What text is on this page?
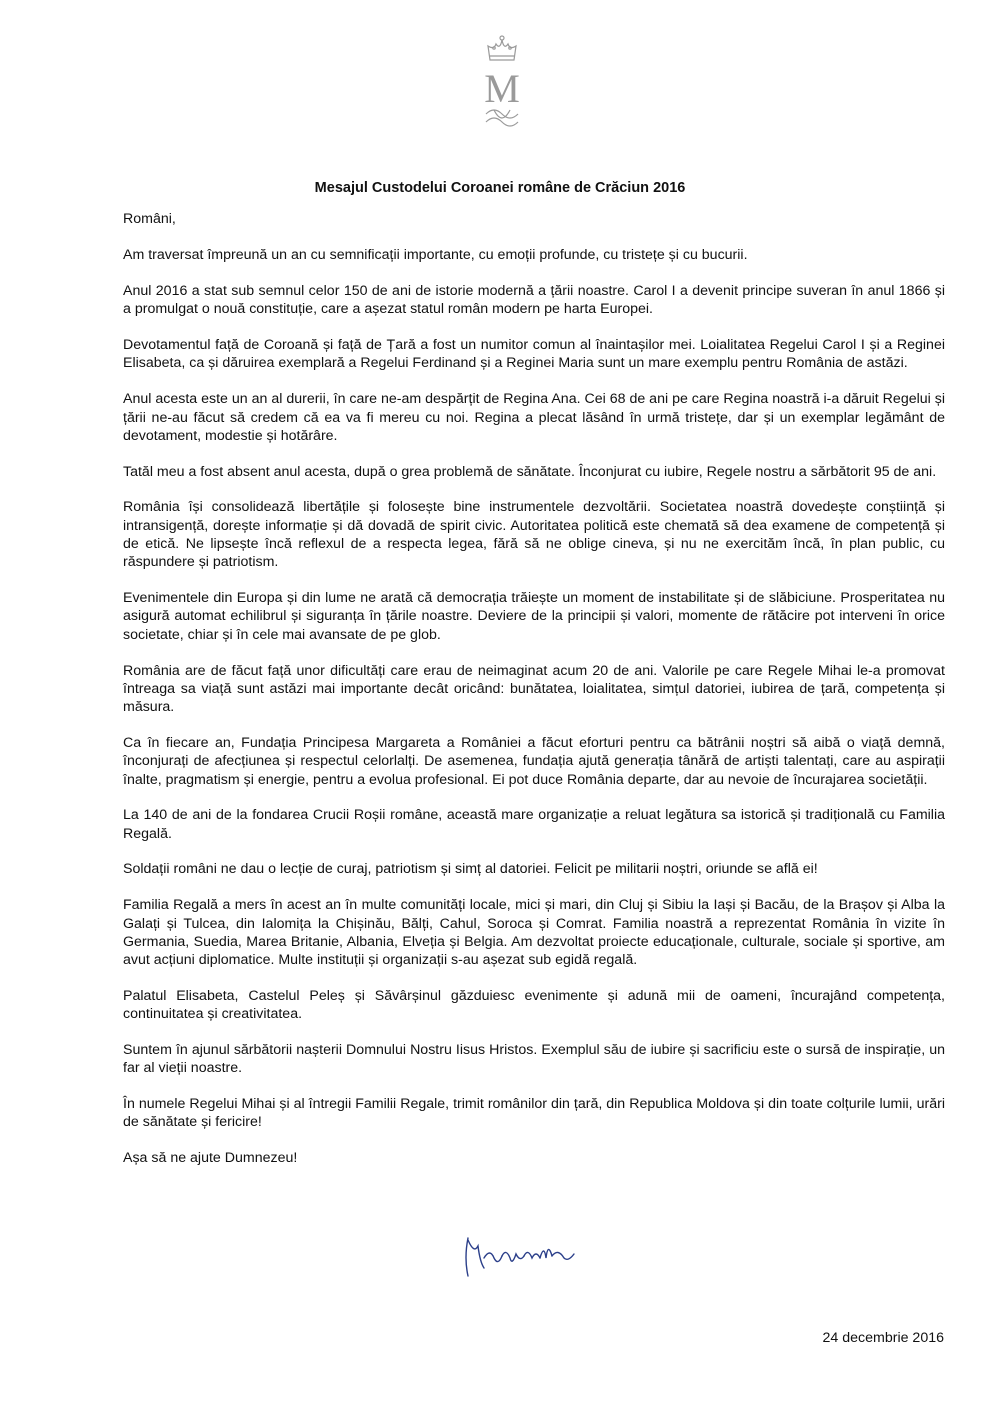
M
Mesajul Custodelui Coroanei române de Crăciun 2016

Români,

Am traversat împreună un an cu semnificații importante, cu emoții profunde, cu tristețe și cu bucurii.

Anul 2016 a stat sub semnul celor 150 de ani de istorie modernă a țării noastre. Carol I a devenit principe suveran în anul 1866 și a promulgat o nouă constituție, care a așezat statul român modern pe harta Europei.

Devotamentul față de Coroană și față de Țară a fost un numitor comun al înaintașilor mei. Loialitatea Regelui Carol I și a Reginei Elisabeta, ca și dăruirea exemplară a Regelui Ferdinand și a Reginei Maria sunt un mare exemplu pentru România de astăzi.

Anul acesta este un an al durerii, în care ne-am despărțit de Regina Ana. Cei 68 de ani pe care Regina noastră i-a dăruit Regelui și țării ne-au făcut să credem că ea va fi mereu cu noi. Regina a plecat lăsând în urmă tristețe, dar și un exemplar legământ de devotament, modestie și hotărâre.

Tatăl meu a fost absent anul acesta, după o grea problemă de sănătate. Înconjurat cu iubire, Regele nostru a sărbătorit 95 de ani.

România își consolidează libertățile și folosește bine instrumentele dezvoltării. Societatea noastră dovedește conștiință și intransigență, dorește informație și dă dovadă de spirit civic. Autoritatea politică este chemată să dea examene de competență și de etică. Ne lipsește încă reflexul de a respecta legea, fără să ne oblige cineva, și nu ne exercităm încă, în plan public, cu răspundere și patriotism.

Evenimentele din Europa și din lume ne arată că democrația trăiește un moment de instabilitate și de slăbiciune. Prosperitatea nu asigură automat echilibrul și siguranța în țările noastre. Deviere de la principii și valori, momente de rătăcire pot interveni în orice societate, chiar și în cele mai avansate de pe glob.

România are de făcut față unor dificultăți care erau de neimaginat acum 20 de ani. Valorile pe care Regele Mihai le-a promovat întreaga sa viață sunt astăzi mai importante decât oricând: bunătatea, loialitatea, simțul datoriei, iubirea de țară, competența și măsura.

Ca în fiecare an, Fundația Principesa Margareta a României a făcut eforturi pentru ca bătrânii noștri să aibă o viață demnă, înconjurați de afecțiunea și respectul celorlalți. De asemenea, fundația ajută generația tânără de artiști talentați, care au aspirații înalte, pragmatism și energie, pentru a evolua profesional. Ei pot duce România departe, dar au nevoie de încurajarea societății.

La 140 de ani de la fondarea Crucii Roșii române, această mare organizație a reluat legătura sa istorică și tradițională cu Familia Regală.

Soldații români ne dau o lecție de curaj, patriotism și simț al datoriei. Felicit pe militarii noștri, oriunde se află ei!

Familia Regală a mers în acest an în multe comunități locale, mici și mari, din Cluj și Sibiu la Iași și Bacău, de la Brașov și Alba la Galați și Tulcea, din Ialomița la Chișinău, Bălți, Cahul, Soroca și Comrat. Familia noastră a reprezentat România în vizite în Germania, Suedia, Marea Britanie, Albania, Elveția și Belgia. Am dezvoltat proiecte educaționale, culturale, sociale și sportive, am avut acțiuni diplomatice. Multe instituții și organizații s-au așezat sub egidă regală.

Palatul Elisabeta, Castelul Peleș și Săvârșinul găzduiesc evenimente și adună mii de oameni, încurajând competența, continuitatea și creativitatea.

Suntem în ajunul sărbătorii nașterii Domnului Nostru Iisus Hristos. Exemplul său de iubire și sacrificiu este o sursă de inspirație, un far al vieții noastre.

În numele Regelui Mihai și al întregii Familii Regale, trimit românilor din țară, din Republica Moldova și din toate colțurile lumii, urări de sănătate și fericire!

Așa să ne ajute Dumnezeu!

24 decembrie 2016
